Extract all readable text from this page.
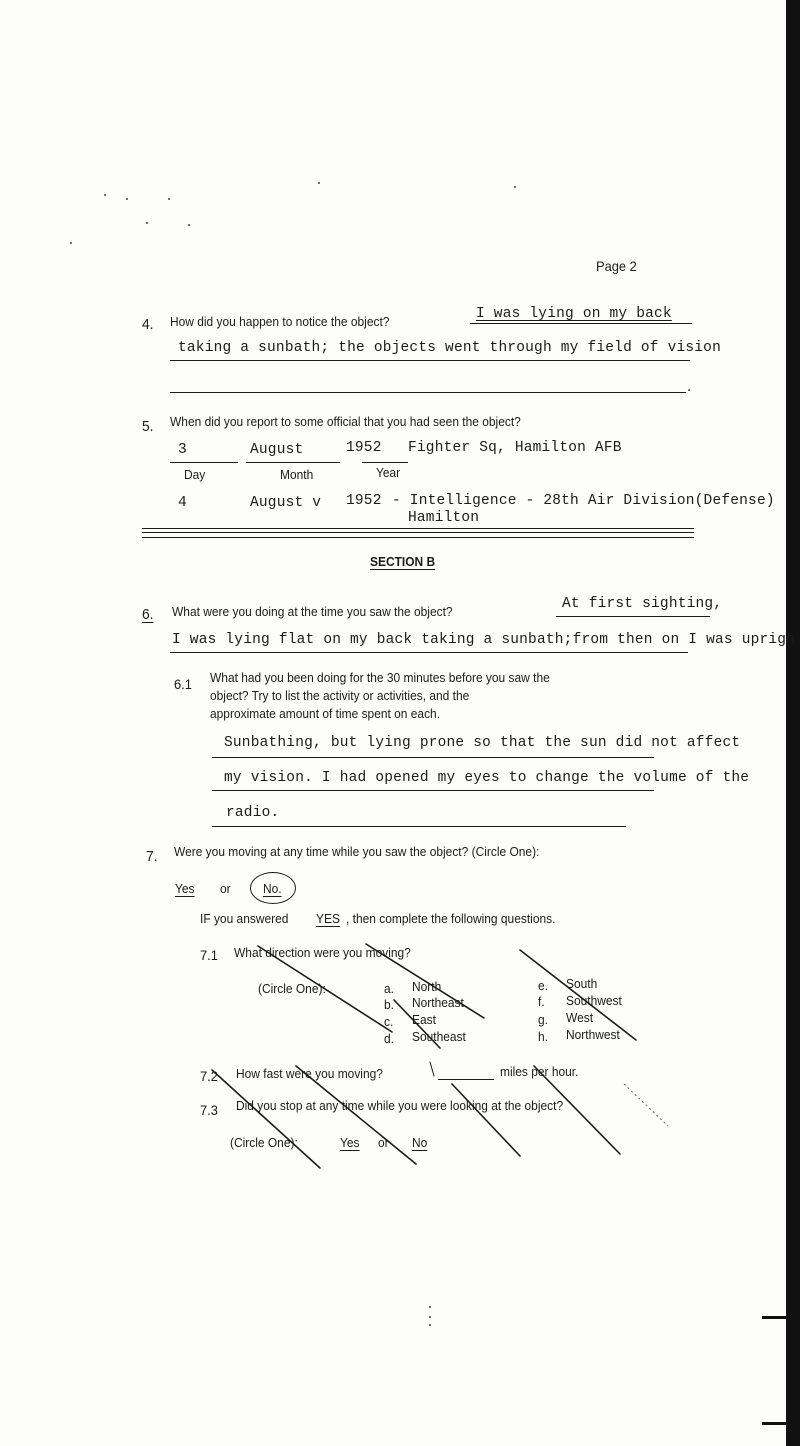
Page 2
4. How did you happen to notice the object?	I was lying on my back
taking a sunbath; the objects went through my field of vision
.
5. When did you report to some official that you had seen the object?
3	August	1952 Fighter Sq, Hamilton AFB
Day	Month	Year
4	August v 1952 - Intelligence - 28th Air Division(Defense)
Hamilton
SECTION B
6. What were you doing at the time you saw the object?	At first sighting,
I was lying flat on my back taking a sunbath;from then on I was uprigh
6.1 What had you been doing for the 30 minutes before you saw the
object? Try to list the activity or activities, and the
approximate amount of time spent on each.
Sunbathing, but lying prone so that the sun did not affect
my vision. I had opened my eyes to change the volume of the
radio.
7. Were you moving at any time while you saw the object? (Circle One):
Yes or No.
IF you answered YES , then complete the following questions.
7.1 What direction were you moving?
(Circle One):	a. North
b. Northeast
c. East
d. Southeast
e. South
f. Southwest
g. West
h. Northwest
7.2 How fast were you moving?	miles per hour.
7.3 Did you stop at any time while you were looking at the object?
(Circle One):	Yes or No
